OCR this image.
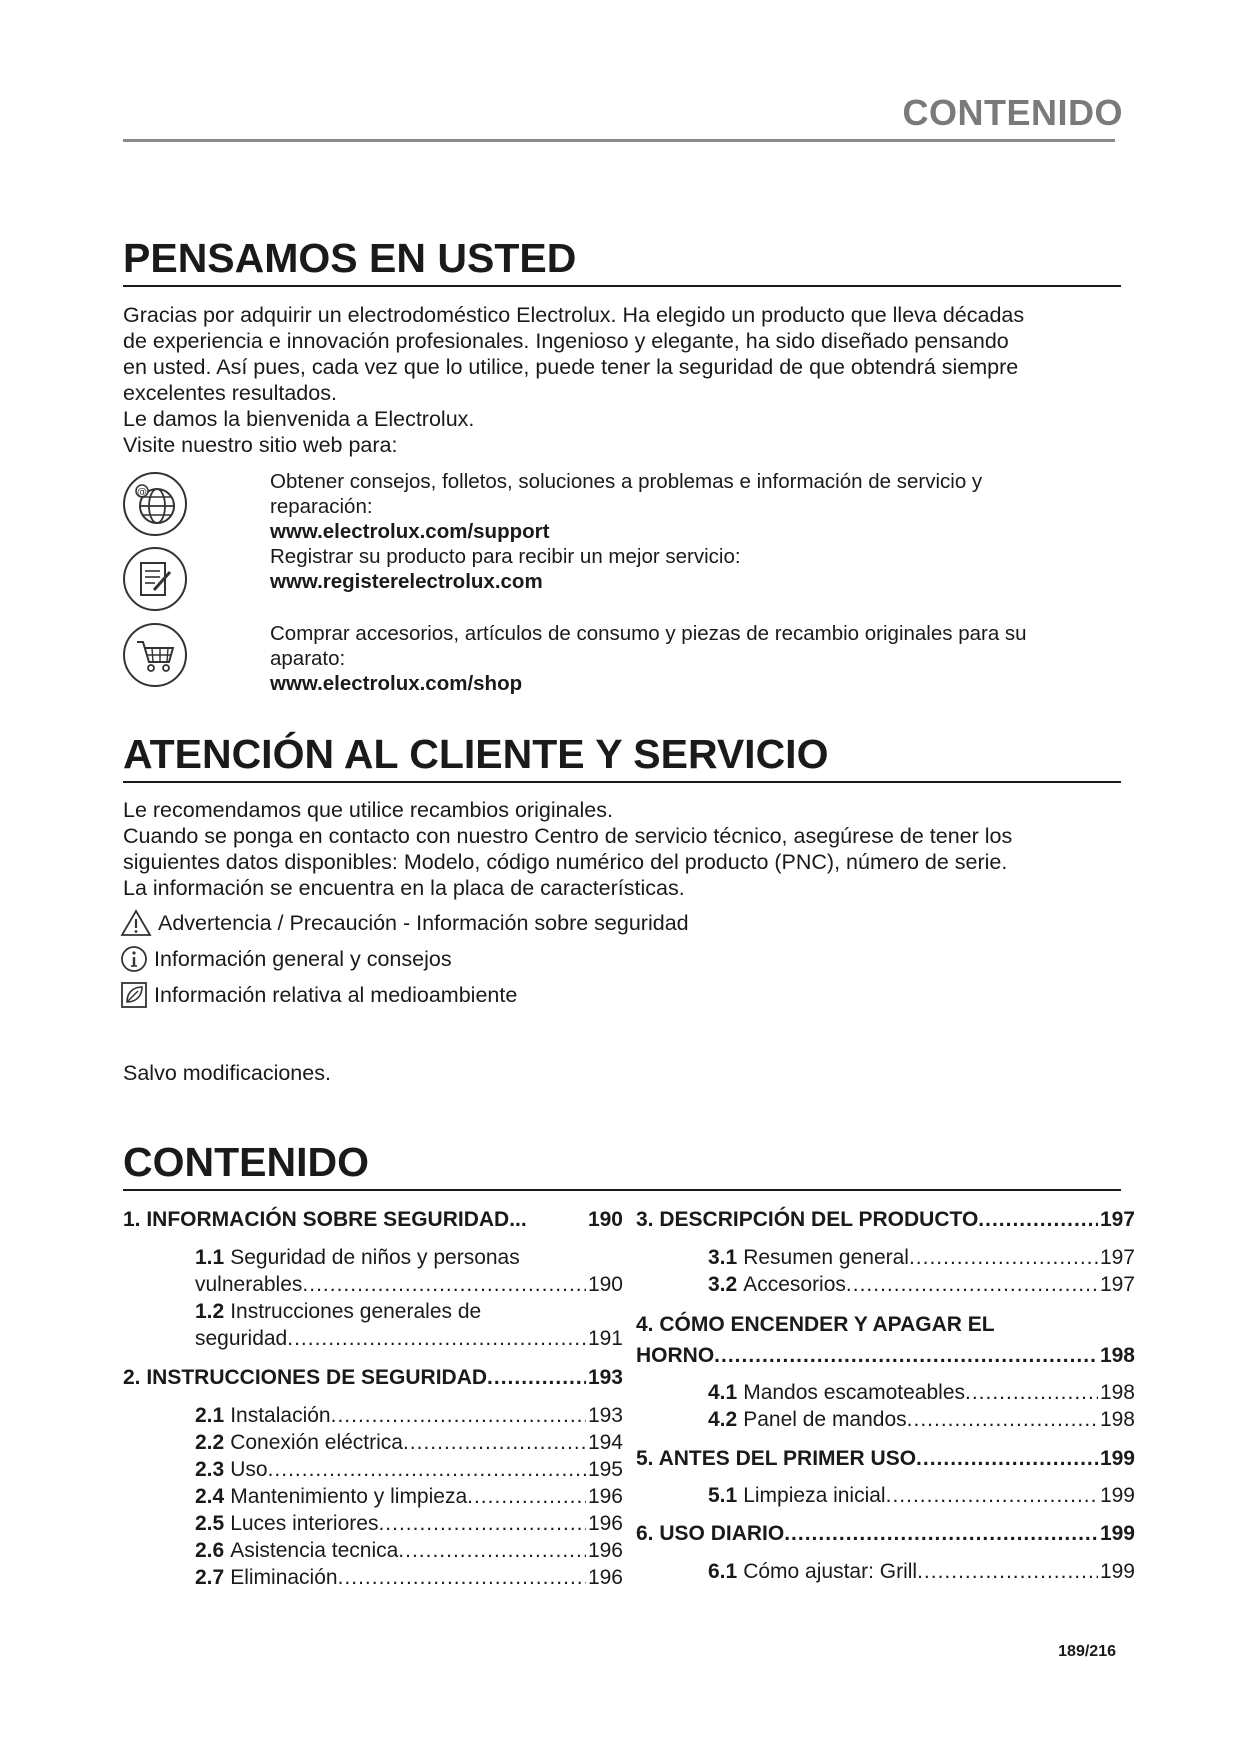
CONTENIDO
PENSAMOS EN USTED

Gracias por adquirir un electrodoméstico Electrolux. Ha elegido un producto que lleva décadas

de experiencia e innovación profesionales. Ingenioso y elegante, ha sido diseñado pensando

en usted. Así pues, cada vez que lo utilice, puede tener la seguridad de que obtendrá siempre

excelentes resultados.

Le damos la bienvenida a Electrolux.

Visite nuestro sitio web para:

@	Obtener consejos, folletos, soluciones a problemas e información de servicio y

reparación:

www.electrolux.com/support

Registrar su producto para recibir un mejor servicio:

www.registerelectrolux.com

Comprar accesorios, artículos de consumo y piezas de recambio originales para su

aparato:

www.electrolux.com/shop

ATENCIÓN AL CLIENTE Y SERVICIO

Le recomendamos que utilice recambios originales.

Cuando se ponga en contacto con nuestro Centro de servicio técnico, asegúrese de tener los

siguientes datos disponibles: Modelo, código numérico del producto (PNC), número de serie.

La información se encuentra en la placa de características.

Advertencia / Precaución - Información sobre seguridad
Información general y consejos
Información relativa al medioambiente

Salvo modificaciones.

CONTENIDO
1. INFORMACIÓN SOBRE SEGURIDAD...	190
1.1 Seguridad de niños y personas
vulnerables .....	190
1.2 Instrucciones generales de
seguridad .....	191
2. INSTRUCCIONES DE SEGURIDAD .....	193
2.1 Instalación .....	193
2.2 Conexión eléctrica .....	194
2.3 Uso .....	195
2.4 Mantenimiento y limpieza .....	196
2.5 Luces interiores .....	196
2.6 Asistencia tecnica .....	196
2.7 Eliminación .....	196
3. DESCRIPCIÓN DEL PRODUCTO .....	197
3.1 Resumen general .....	197
3.2 Accesorios .....	197
4. CÓMO ENCENDER Y APAGAR EL
HORNO .....	198
4.1 Mandos escamoteables .....	198
4.2 Panel de mandos .....	198
5. ANTES DEL PRIMER USO .....	199
5.1 Limpieza inicial .....	199
6. USO DIARIO .....	199
6.1 Cómo ajustar: Grill .....	199
189/216
